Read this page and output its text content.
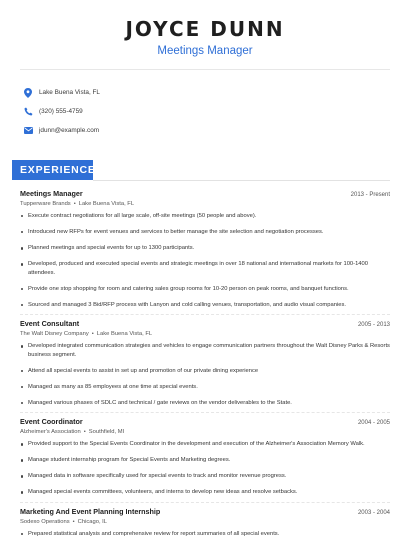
JOYCE DUNN
Meetings Manager
Lake Buena Vista, FL
(320) 555-4759
jdunn@example.com
EXPERIENCE
Meetings Manager	2013 - Present
Tupperware Brands • Lake Buena Vista, FL
Execute contract negotiations for all large scale, off-site meetings (50 people and above).
Introduced new RFPs for event venues and services to better manage the site selection and negotiation processes.
Planned meetings and special events for up to 1300 participants.
Developed, produced and executed special events and strategic meetings in over 18 national and international markets for 100-1400 attendees.
Provide one stop shopping for room and catering sales group rooms for 10-20 person on peak rooms, and banquet functions.
Sourced and managed 3 Bid/RFP process with Lanyon and cold calling venues, transportation, and audio visual companies.
Event Consultant	2005 - 2013
The Walt Disney Company • Lake Buena Vista, FL
Developed integrated communication strategies and vehicles to engage communication partners throughout the Walt Disney Parks & Resorts business segment.
Attend all special events to assist in set up and promotion of our private dining experience
Managed as many as 85 employees at one time at special events.
Managed various phases of SDLC and technical / gate reviews on the vendor deliverables to the State.
Event Coordinator	2004 - 2005
Alzheimer's Association • Southfield, MI
Provided support to the Special Events Coordinator in the development and execution of the Alzheimer's Association Memory Walk.
Manage student internship program for Special Events and Marketing degrees.
Managed data in software specifically used for special events to track and monitor revenue progress.
Managed special events committees, volunteers, and interns to develop new ideas and resolve setbacks.
Marketing And Event Planning Internship	2003 - 2004
Sodexo Operations • Chicago, IL
Prepared statistical analysis and comprehensive review for report summaries of all special events.
